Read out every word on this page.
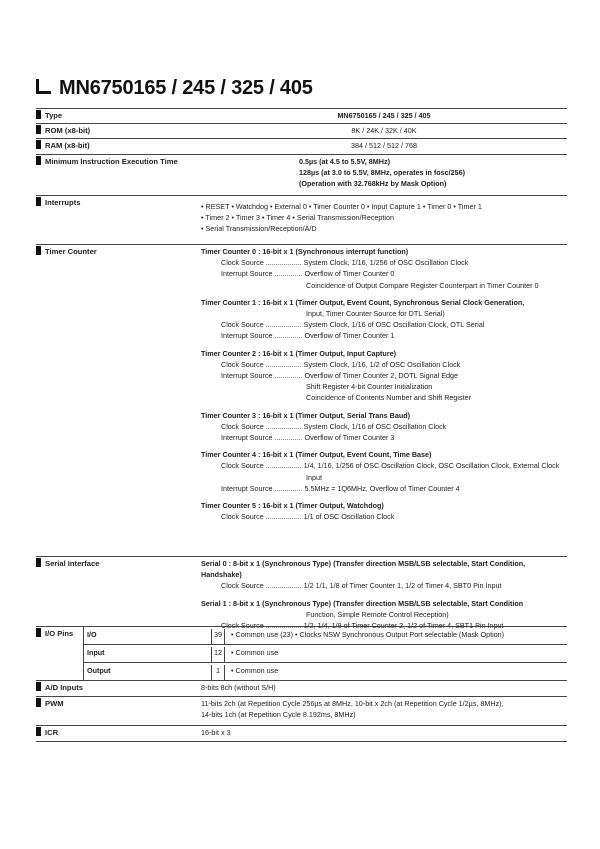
MN6750165 / 245 / 325 / 405
Type	MN6750165 / 245 / 325 / 405
ROM (x8-bit)	8K / 24K / 32K / 40K
RAM (x8-bit)	384 / 512 / 512 / 768
Minimum Instruction Execution Time	0.5µs (at 4.5 to 5.5V, 8MHz)
128µs (at 3.0 to 5.5V, 8MHz, operates in fosc/256)
(Operation with 32.768kHz by Mask Option)
Interrupts	• RESET • Watchdog • External 0 • Timer Counter 0 • Input Capture 1 • Timer 0 • Timer 1
• Timer 2 • Timer 3 • Timer 4 • Serial Transmission/Reception
• Serial Transmission/Reception/A/D
Timer Counter	Timer Counter 0 : 16-bit x 1 (Synchronous interrupt function)
Clock Source .................. System Clock, 1/16, 1/256 of OSC Oscillation Clock
Interrupt Source .............. Overflow of Timer Counter 0
Coincidence of Output Compare Register Counterpart in Timer Counter 0
Timer Counter 1 : 16-bit x 1 (Timer Output, Event Count, Synchronous Serial Clock Generation,
Input, Timer Counter Source for DTL Serial)
Clock Source .................. System Clock, 1/16 of OSC Oscillation Clock, OTL Serial
Interrupt Source .............. Overflow of Timer Counter 1
Timer Counter 2 : 16-bit x 1 (Timer Output, Input Capture)
Clock Source .................. System Clock, 1/16, 1/2 of OSC Oscillation Clock
Interrupt Source .............. Overflow of Timer Counter 2, DOTL Signal Edge
Shift Register 4-bit Counter Initialization
Coincidence of Contents Number and Shift Register
Timer Counter 3 : 16-bit x 1 (Timer Output, Serial Trans Baud)
Clock Source .................. System Clock, 1/16 of OSC Oscillation Clock
Interrupt Source .............. Overflow of Timer Counter 3
Timer Counter 4 : 16-bit x 1 (Timer Output, Event Count, Time Base)
Clock Source .................. 1/4, 1/16, 1/256 of OSC Oscillation Clock, OSC Oscillation Clock, External Clock
Input
Interrupt Source .............. 5.5MHz = 1Q6MHz, Overflow of Timer Counter 4
Timer Counter 5 : 16-bit x 1 (Timer Output, Watchdog)
Clock Source .................. 1/1 of OSC Oscillation Clock
Serial Interface	Serial 0 : 8-bit x 1 (Synchronous Type) (Transfer direction MSB/LSB selectable, Start Condition, Handshake)
Clock Source .................. 1/2 1/1, 1/8 of Timer Counter 1, 1/2 of Timer 4, SBT0 Pin Input
Serial 1 : 8-bit x 1 (Synchronous Type) (Transfer direction MSB/LSB selectable, Start Condition
Function, Simple Remote Control Reception)
Clock Source .................. 1/2, 1/4, 1/8 of Timer Counter 2, 1/2 of Timer 4, SBT1 Pin Input
I/O Pins I/O	39	• Common use (23) • Clocks NSW Synchronous Output Port selectable (Mask Option)
Input	12	• Common use
Output	1	• Common use
A/D Inputs	8-bits 8ch (without S/H)
PWM	11-bits 2ch (at Repetition Cycle 256µs at 8MHz, 10-bit x 2ch (at Repetition Cycle 1/2µs, 8MHz),
14-bits 1ch (at Repetition Cycle 8.192ms, 8MHz)
ICR	16-bit x 3
